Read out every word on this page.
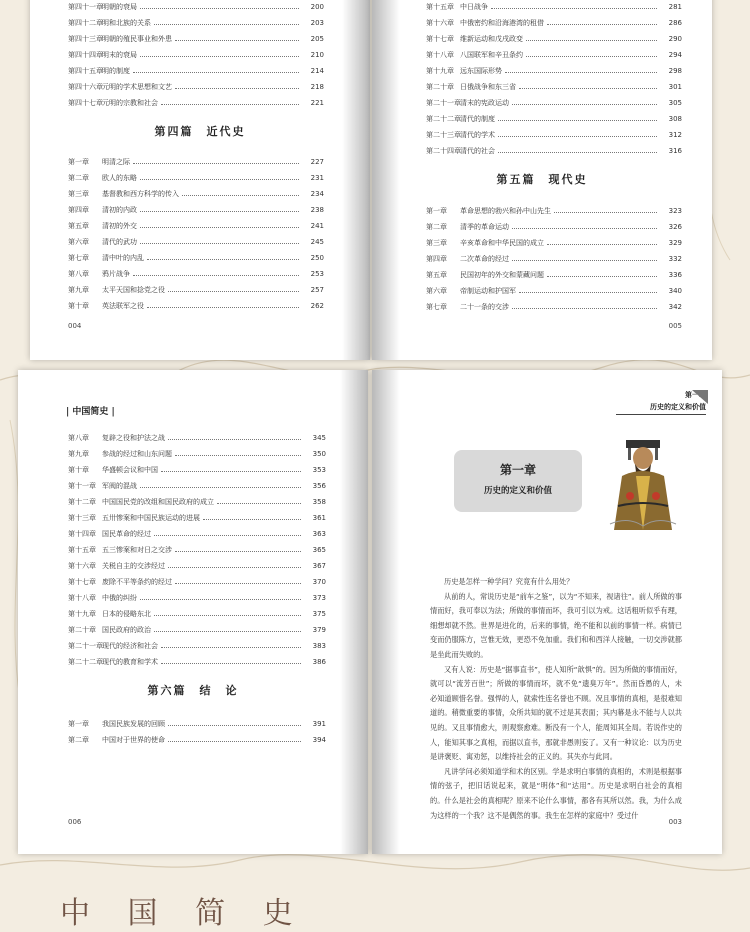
第四十一章 明朝的衰局	200
第四十二章 明和北族的关系	203
第四十三章 明朝的殖民事业和外患	205
第四十四章 明末的衰局	210
第四十五章 明的制度	214
第四十六章 元明的学术思想和文艺	218
第四十七章 元明的宗教和社会	221
第四篇　近代史
第一章	明清之际	227
第二章	欧人的东略	231
第三章	基督教和西方科学的传入	234
第四章	清初的内政	238
第五章	清初的外交	241
第六章	清代的武功	245
第七章	清中叶的内乱	250
第八章	鸦片战争	253
第九章	太平天国和捻党之役	257
第十章	英法联军之役	262
004
第十五章 中日战争	281
第十六章 中俄密约和沿海港湾的租借	286
第十七章 维新运动和戊戌政变	290
第十八章 八国联军和辛丑条约	294
第十九章 远东国际形势	298
第二十章 日俄战争和东三省	301
第二十一章 清末的宪政运动	305
第二十二章 清代的制度	308
第二十三章 清代的学术	312
第二十四章 清代的社会	316
第五篇　现代史
第一章	革命思想的勃兴和孙中山先生	323
第二章	清季的革命运动	326
第三章	辛亥革命和中华民国的成立	329
第四章	二次革命的经过	332
第五章	民国初年的外交和蒙藏问题	336
第六章	帝制运动和护国军	340
第七章	二十一条的交涉	342
005
| 中国简史 |
第八章	复辟之役和护法之战	345
第九章	参战的经过和山东问题	350
第十章	华盛顿会议和中国	353
第十一章 军阀的混战	356
第十二章 中国国民党的改组和国民政府的成立	358
第十三章 五卅惨案和中国民族运动的进展	361
第十四章 国民革命的经过	363
第十五章 五三惨案和对日之交涉	365
第十六章 关税自主的交涉经过	367
第十七章 废除不平等条约的经过	370
第十八章 中俄的纠纷	373
第十九章 日本的侵略东北	375
第二十章 国民政府的政治	379
第二十一章 现代的经济和社会	383
第二十二章 现代的教育和学术	386
第六篇　结　论
第一章	我国民族发展的回顾	391
第二章	中国对于世界的使命	394
006
第一章
历史的定义和价值
第一章
历史的定义和价值

历史是怎样一种学问？究竟有什么用处？

从前的人，常说历史是“前车之鉴”，以为“不知来，视诸往”。前人所做的事情而好，我可奉以为法；所做的事情而坏，我可引以为戒。这话粗听似乎有理，细想却就不然。世界是进化的，后来的事情，绝不能和以前的事情一样。病情已变而仍服陈方，岂惟无效，更恐不免加重。我们和和西洋人接触，一切交涉就都是坐此而失败的。

又有人说：历史是“据事直书”，使人知所“歆惧”的。因为所做的事情而好，就可以“流芳百世”；所做的事情而坏，就不免“遗臭万年”。然而昏愚的人，未必知道顾惜名誉。强悍的人，就索性连名誉也不顾。况且事情的真相，是很难知道的。稍微重要的事情，众所共知的就不过是其表面；其内幕是永不能与人以共见的。又且事情愈大，则观察愈难。断没有一个人，能周知其全局。若说作史的人，能知其事之真相，而据以直书，那就非愚则妄了。又有一种议论：以为历史是讲褒贬、寓劝惩，以维持社会的正义的。其失亦与此同。

凡讲学问必须知道学和术的区别。学是求明白事情的真相的，术则是根据事情的弦子，把旧话说起来，就是“明体”和“达用”。历史是求明白社会的真相的。什么是社会的真相呢？原来不论什么事情，都各有其所以然。我，为什么成为这样的一个我？这不是偶然的事。我生在怎样的家庭中？受过什

003
中 国 简 史
